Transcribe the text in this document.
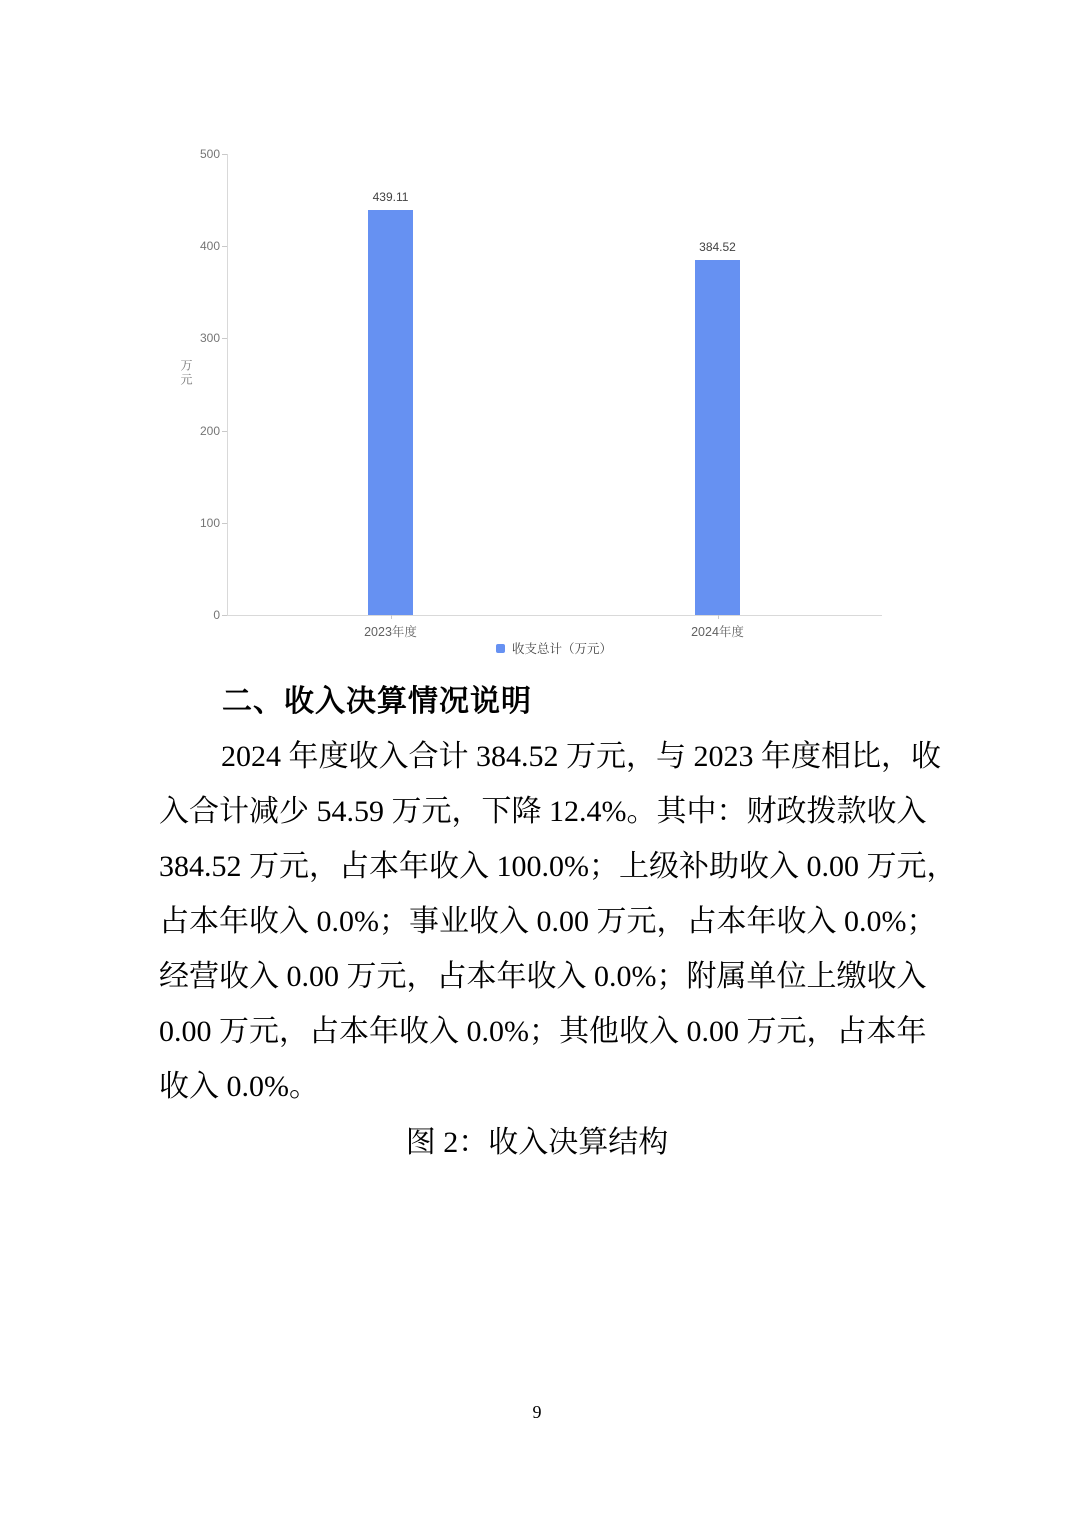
万元
收支总计（万元）
0
100
200
300
400
500
439.11
2023年度
384.52
2024年度
二、收入决算情况说明
2024 年度收入合计 384.52 万元，与 2023 年度相比，收
入合计减少 54.59 万元，下降 12.4%。其中：财政拨款收入
384.52 万元，占本年收入 100.0%；上级补助收入 0.00 万元，
占本年收入 0.0%；事业收入 0.00 万元，占本年收入 0.0%；
经营收入 0.00 万元，占本年收入 0.0%；附属单位上缴收入
0.00 万元，占本年收入 0.0%；其他收入 0.00 万元，占本年
收入 0.0%。
图 2：收入决算结构
9
